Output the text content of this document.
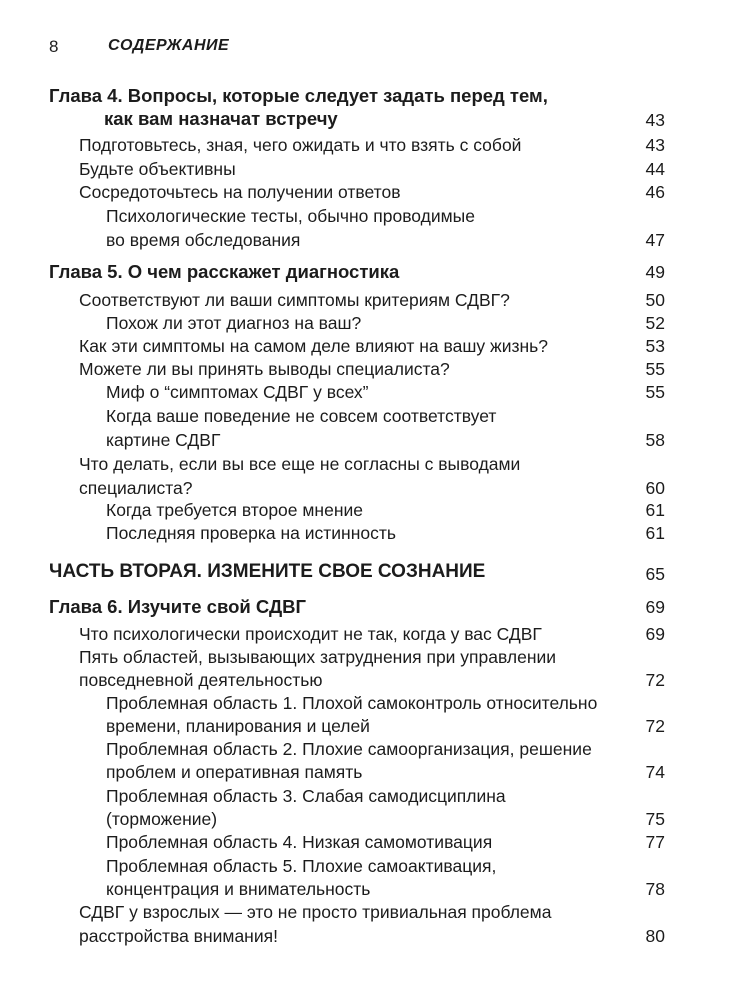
8	СОДЕРЖАНИЕ
Глава 4. Вопросы, которые следует задать перед тем,
как вам назначат встречу	43
Подготовьтесь, зная, чего ожидать и что взять с собой	43
Будьте объективны	44
Сосредоточьтесь на получении ответов	46
Психологические тесты, обычно проводимые
во время обследования	47
Глава 5. О чем расскажет диагностика	49
Соответствуют ли ваши симптомы критериям СДВГ?	50
Похож ли этот диагноз на ваш?	52
Как эти симптомы на самом деле влияют на вашу жизнь?	53
Можете ли вы принять выводы специалиста?	55
Миф о “симптомах СДВГ у всех”	55
Когда ваше поведение не совсем соответствует
картине СДВГ	58
Что делать, если вы все еще не согласны с выводами
специалиста?	60
Когда требуется второе мнение	61
Последняя проверка на истинность	61
ЧАСТЬ ВТОРАЯ. ИЗМЕНИТЕ СВОЕ СОЗНАНИЕ	65
Глава 6. Изучите свой СДВГ	69
Что психологически происходит не так, когда у вас СДВГ	69
Пять областей, вызывающих затруднения при управлении
повседневной деятельностью	72
Проблемная область 1. Плохой самоконтроль относительно
времени, планирования и целей	72
Проблемная область 2. Плохие самоорганизация, решение
проблем и оперативная память	74
Проблемная область 3. Слабая самодисциплина
(торможение)	75
Проблемная область 4. Низкая самомотивация	77
Проблемная область 5. Плохие самоактивация,
концентрация и внимательность	78
СДВГ у взрослых — это не просто тривиальная проблема
расстройства внимания!	80
